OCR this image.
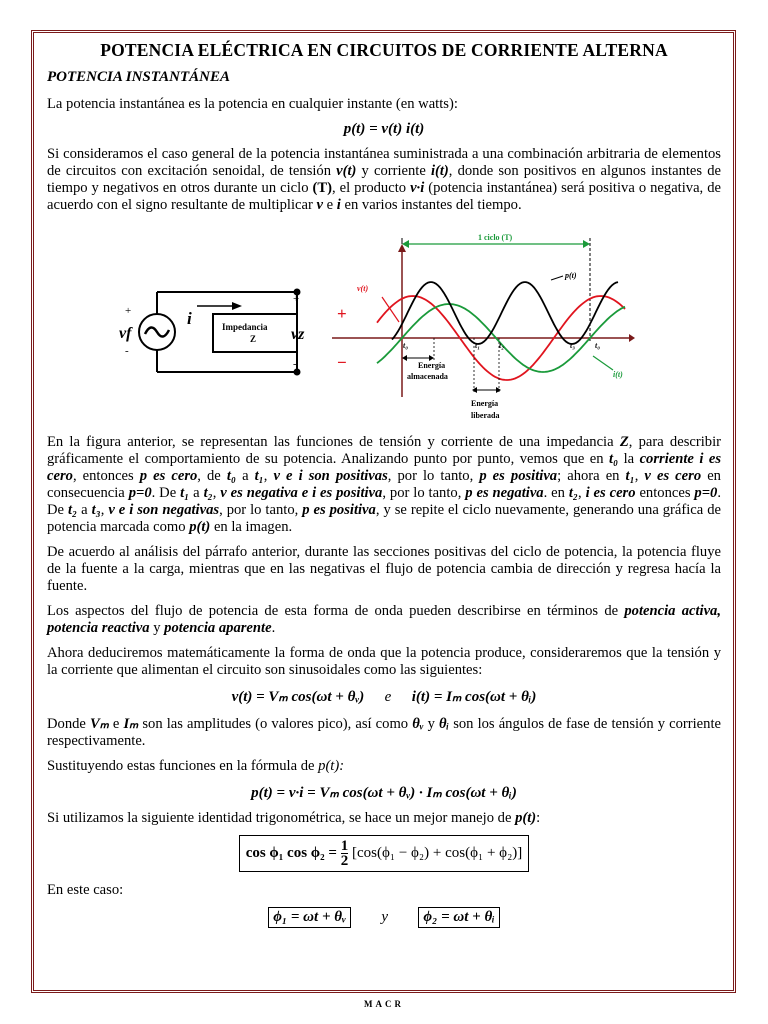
POTENCIA ELÉCTRICA EN CIRCUITOS DE CORRIENTE ALTERNA
POTENCIA INSTANTÁNEA

La potencia instantánea es la potencia en cualquier instante (en watts):

p(t) = v(t) i(t)

Si consideramos el caso general de la potencia instantánea suministrada a una combinación arbitraria de elementos de circuitos con excitación senoidal, de tensión v(t) y corriente i(t), donde son positivos en algunos instantes de tiempo y negativos en otros durante un ciclo (T), el producto v·i (potencia instantánea) será positiva o negativa, de acuerdo con el signo resultante de multiplicar v e i en varios instantes del tiempo.

+
-
i
vf	Impedancia
Z
+
-
vz
+
−
1 ciclo (T)
v(t)
p(t)
i(t)
t₀	t₁ t₂	t₃ t₀
Energía
almacenada
Energía
liberada

En la figura anterior, se representan las funciones de tensión y corriente de una impedancia Z, para describir gráficamente el comportamiento de su potencia. Analizando punto por punto, vemos que en t₀ la corriente i es cero, entonces p es cero, de t₀ a t₁, v e i son positivas, por lo tanto, p es positiva; ahora en t₁, v es cero en consecuencia p=0. De t₁ a t₂, v es negativa e i es positiva, por lo tanto, p es negativa. en t₂, i es cero entonces p=0. De t₂ a t₃, v e i son negativas, por lo tanto, p es positiva, y se repite el ciclo nuevamente, generando una gráfica de potencia marcada como p(t) en la imagen.

De acuerdo al análisis del párrafo anterior, durante las secciones positivas del ciclo de potencia, la potencia fluye de la fuente a la carga, mientras que en las negativas el flujo de potencia cambia de dirección y regresa hacía la fuente.

Los aspectos del flujo de potencia de esta forma de onda pueden describirse en términos de potencia activa, potencia reactiva y potencia aparente.

Ahora deduciremos matemáticamente la forma de onda que la potencia produce, consideraremos que la tensión y la corriente que alimentan el circuito son sinusoidales como las siguientes:

v(t) = Vₘ cos(ωt + θᵥ) e i(t) = Iₘ cos(ωt + θᵢ)

Donde Vₘ e Iₘ son las amplitudes (o valores pico), así como θᵥ y θᵢ son los ángulos de fase de tensión y corriente respectivamente.

Sustituyendo estas funciones en la fórmula de p(t):

p(t) = v·i = Vₘ cos(ωt + θᵥ) · Iₘ cos(ωt + θᵢ)

Si utilizamos la siguiente identidad trigonométrica, se hace un mejor manejo de p(t):

cos ϕ₁ $\cos \phi_2 = \frac{1}{2} [\cos(\phi_1 - \phi_2) + \cos(\phi_1 + \phi_2)]$

En este caso:

ϕ₁ = ωt + θᵥ y ϕ₂ = ωt + θᵢ
MACR
